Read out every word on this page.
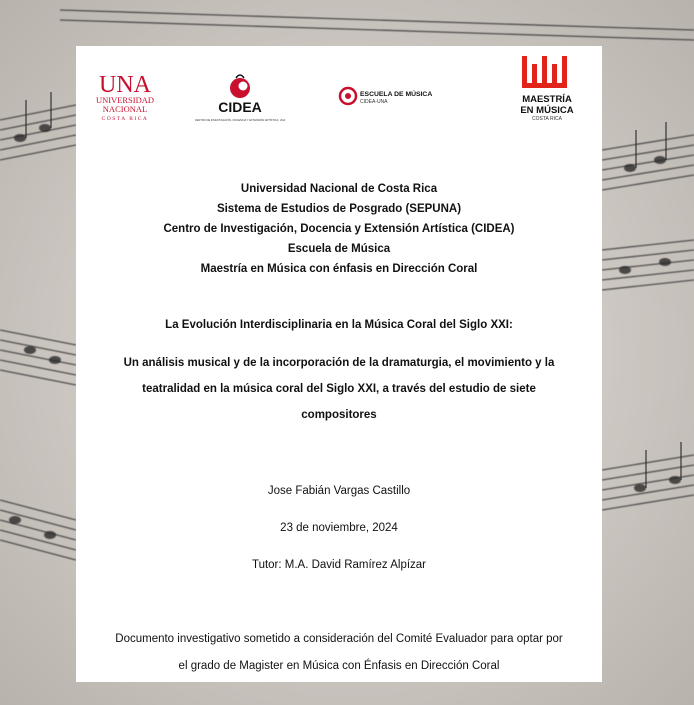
UNA
UNIVERSIDAD
NACIONAL
COSTA RICA
CIDEA
CENTRO DE INVESTIGACIÓN, DOCENCIA Y EXTENSIÓN ARTÍSTICA, UNA
ESCUELA DE MÚSICA
CIDEA-UNA	MAESTRÍA
EN MÚSICA
COSTA RICA
Universidad Nacional de Costa Rica
Sistema de Estudios de Posgrado (SEPUNA)
Centro de Investigación, Docencia y Extensión Artística (CIDEA)
Escuela de Música
Maestría en Música con énfasis en Dirección Coral
La Evolución Interdisciplinaria en la Música Coral del Siglo XXI:
Un análisis musical y de la incorporación de la dramaturgia, el movimiento y la
teatralidad en la música coral del Siglo XXI, a través del estudio de siete
compositores
Jose Fabián Vargas Castillo
23 de noviembre, 2024
Tutor: M.A. David Ramírez Alpízar
Documento investigativo sometido a consideración del Comité Evaluador para optar por
el grado de Magister en Música con Énfasis en Dirección Coral
